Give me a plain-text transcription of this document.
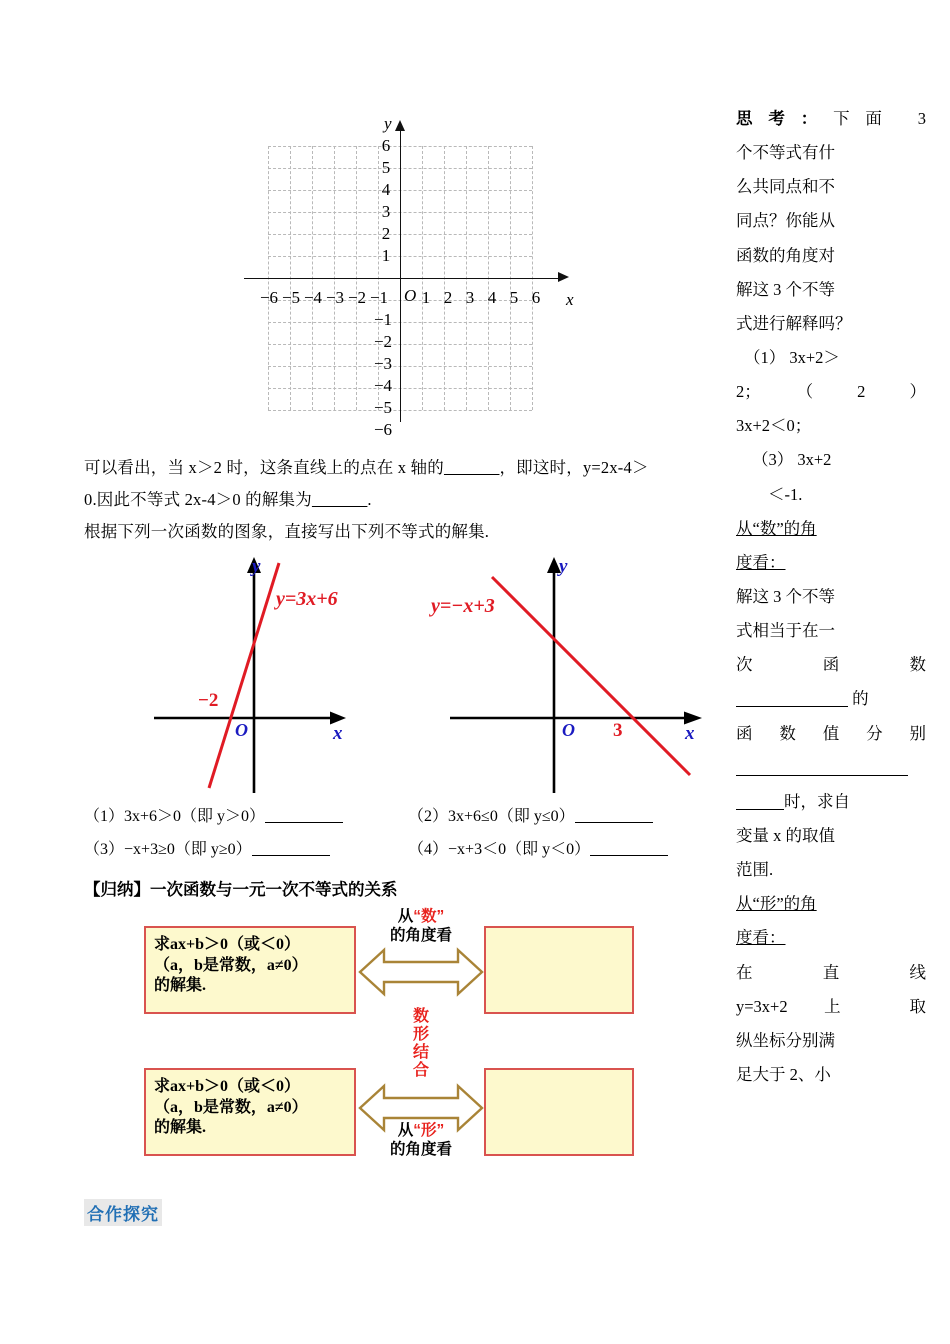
y
x
O
−6 −5 −4 −3 −2 −1	1 2 3 4 5 6
6
5
4
3
2
1
−1
−2
−3
−4
−5
−6

可以看出，当 x＞2 时，这条直线上的点在 x 轴的　　　	，即这时，y=2x-4＞

0.因此不等式 2x-4＞0 的解集为　　　	.

根据下列一次函数的图象，直接写出下列不等式的解集.

y
x
O
−2
y=3x+6
y
x
O 3
y=−x+3
（1）3x+6＞0（即 y＞0）	（2）3x+6≤0（即 y≤0）
（3）−x+3≥0（即 y≥0）	（4）−x+3＜0（即 y＜0）
【归纳】一次函数与一元一次不等式的关系
求ax+b＞0（或＜0）
（a，b是常数，a≠0）
的解集.
从“数”
的角度看
数
形
结
合
求ax+b＞0（或＜0）
（a，b是常数，a≠0）
的解集.	从“形”
的角度看
合作探究

思考：下面 3

个不等式有什

么共同点和不

同点？你能从

函数的角度对

解这 3 个不等

式进行解释吗？

（1） 3x+2＞

2；（2）

3x+2＜0；

（3） 3x+2

＜-1.

从“数”的角

度看：

解这 3 个不等

式相当于在一

次　函　数

的

函 数 值 分 别

时，求自

变量 x 的取值

范围.

从“形”的角

度看：

在　直　线

y=3x+2 上 取

纵坐标分别满

足大于 2、小
